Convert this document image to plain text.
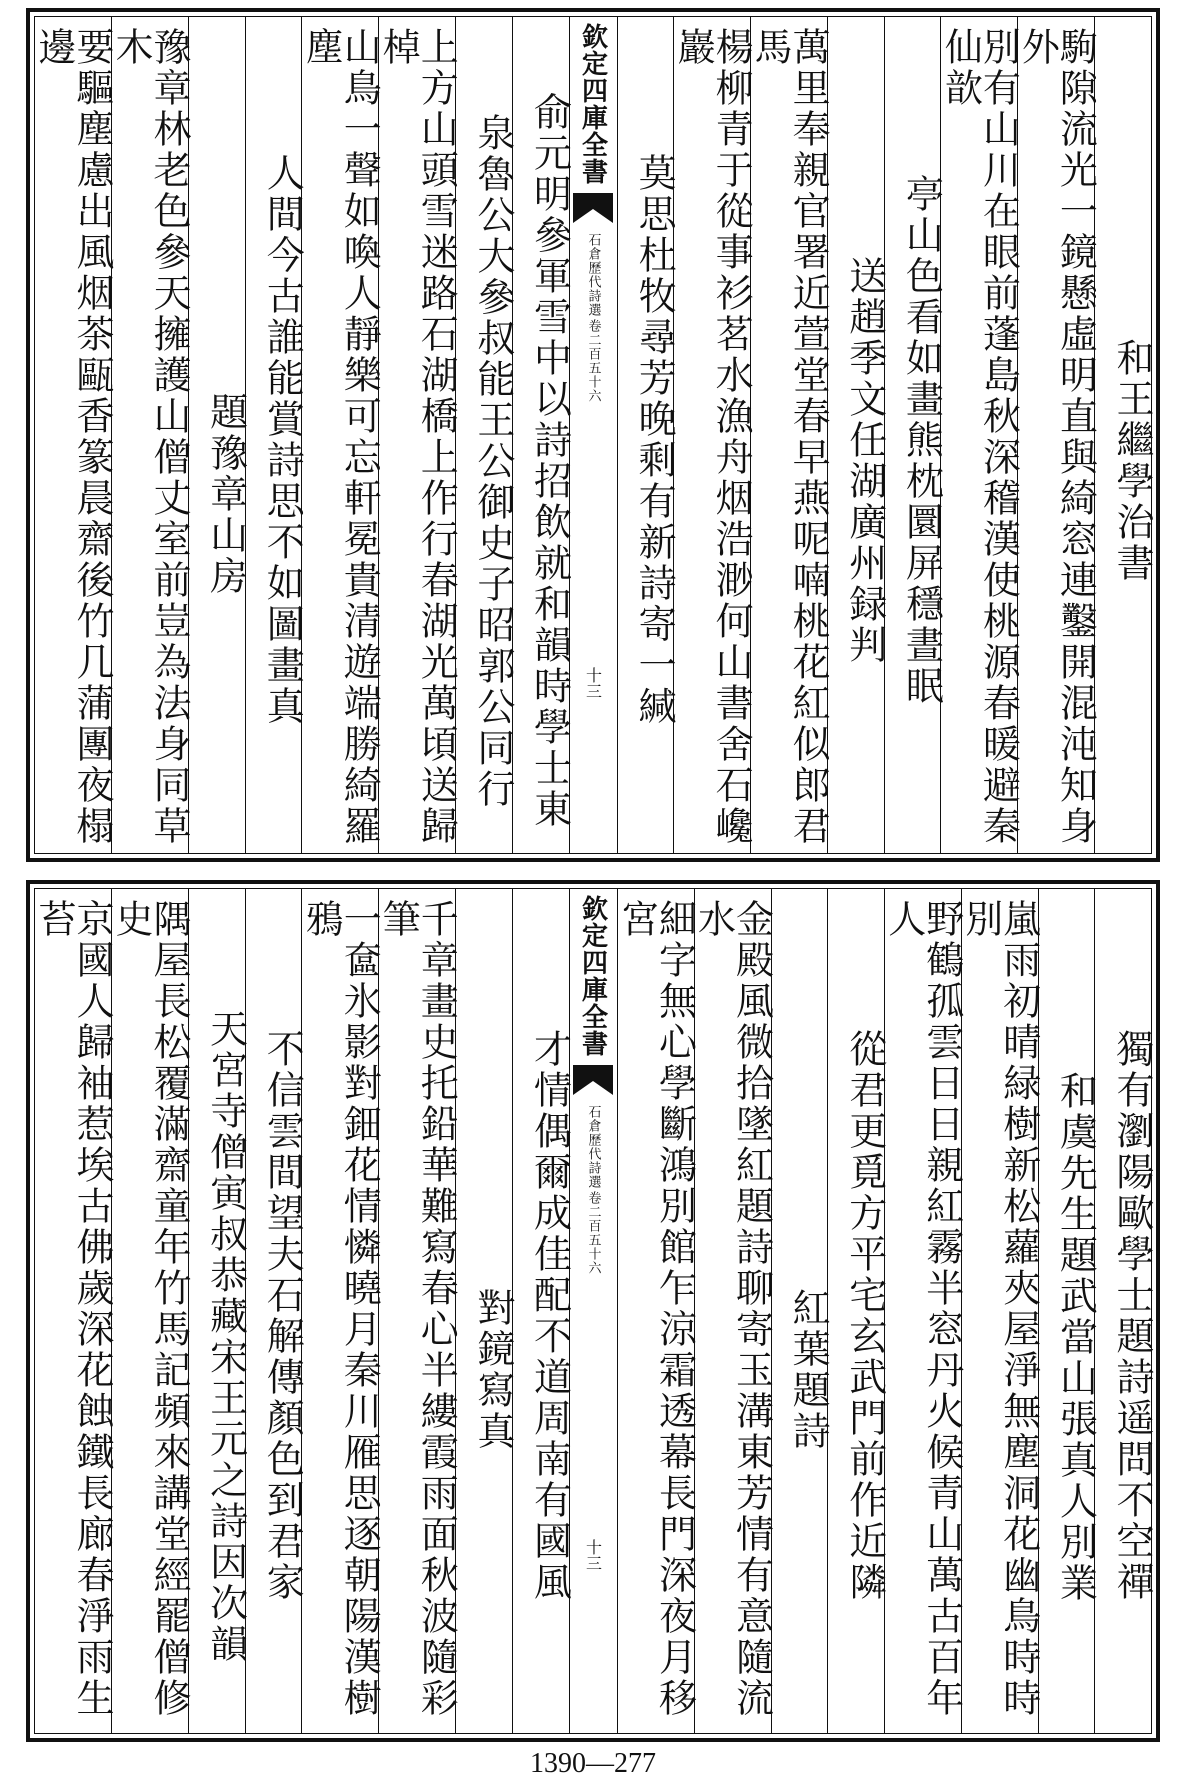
和王繼學治書
駒隙流光一鏡懸虛明直與綺窓連鑿開混沌知身外
別有山川在眼前蓬島秋深稽漢使桃源春暖避秦仙歆
亭山色看如畫熊枕圜屏穩晝眠
送趙季文任湖廣州録判
萬里奉親官署近萱堂春早燕呢喃桃花紅似郎君馬
楊柳青于從事衫茗水漁舟烟浩渺何山書舍石巉巖
莫思杜牧尋芳晚剩有新詩寄一緘
欽定四庫全書
石倉歷代詩選
卷二百五十六
十三
俞元明參軍雪中以詩招飲就和韻時學士東
泉魯公大參叔能王公御史子昭郭公同行
上方山頭雪迷路石湖橋上作行春湖光萬頃送歸棹
山鳥一聲如喚人靜樂可忘軒冕貴清遊端勝綺羅塵
人間今古誰能賞詩思不如圖畫真
題豫章山房
豫章林老色參天擁護山僧丈室前豈為法身同草木
要驅塵慮出風烟茶甌香篆晨齋後竹几蒲團夜榻邊
獨有瀏陽歐學士題詩遥問不空禪
和虞先生題武當山張真人別業
嵐雨初晴緑樹新松蘿夾屋淨無塵洞花幽鳥時時別
野鶴孤雲日日親紅霧半窓丹火候青山萬古百年人
從君更覓方平宅玄武門前作近隣
紅葉題詩
金殿風微拾墜紅題詩聊寄玉溝東芳情有意隨流水
細字無心學斷鴻別館乍涼霜透幕長門深夜月移宮
欽定四庫全書
石倉歷代詩選
卷二百五十六
十三
才情偶爾成佳配不道周南有國風
對鏡寫真
千章畫史托鉛華難寫春心半縷霞雨面秋波隨彩筆
一奩氷影對鈿花情憐曉月秦川雁思逐朝陽漢樹鴉
不信雲間望夫石解傳顏色到君家
天宮寺僧寅叔恭藏宋王元之詩因次韻
隅屋長松覆滿齋童年竹馬記頻來講堂經罷僧修史
京國人歸袖惹埃古佛歲深花蝕鐵長廊春淨雨生苔
1390—277
